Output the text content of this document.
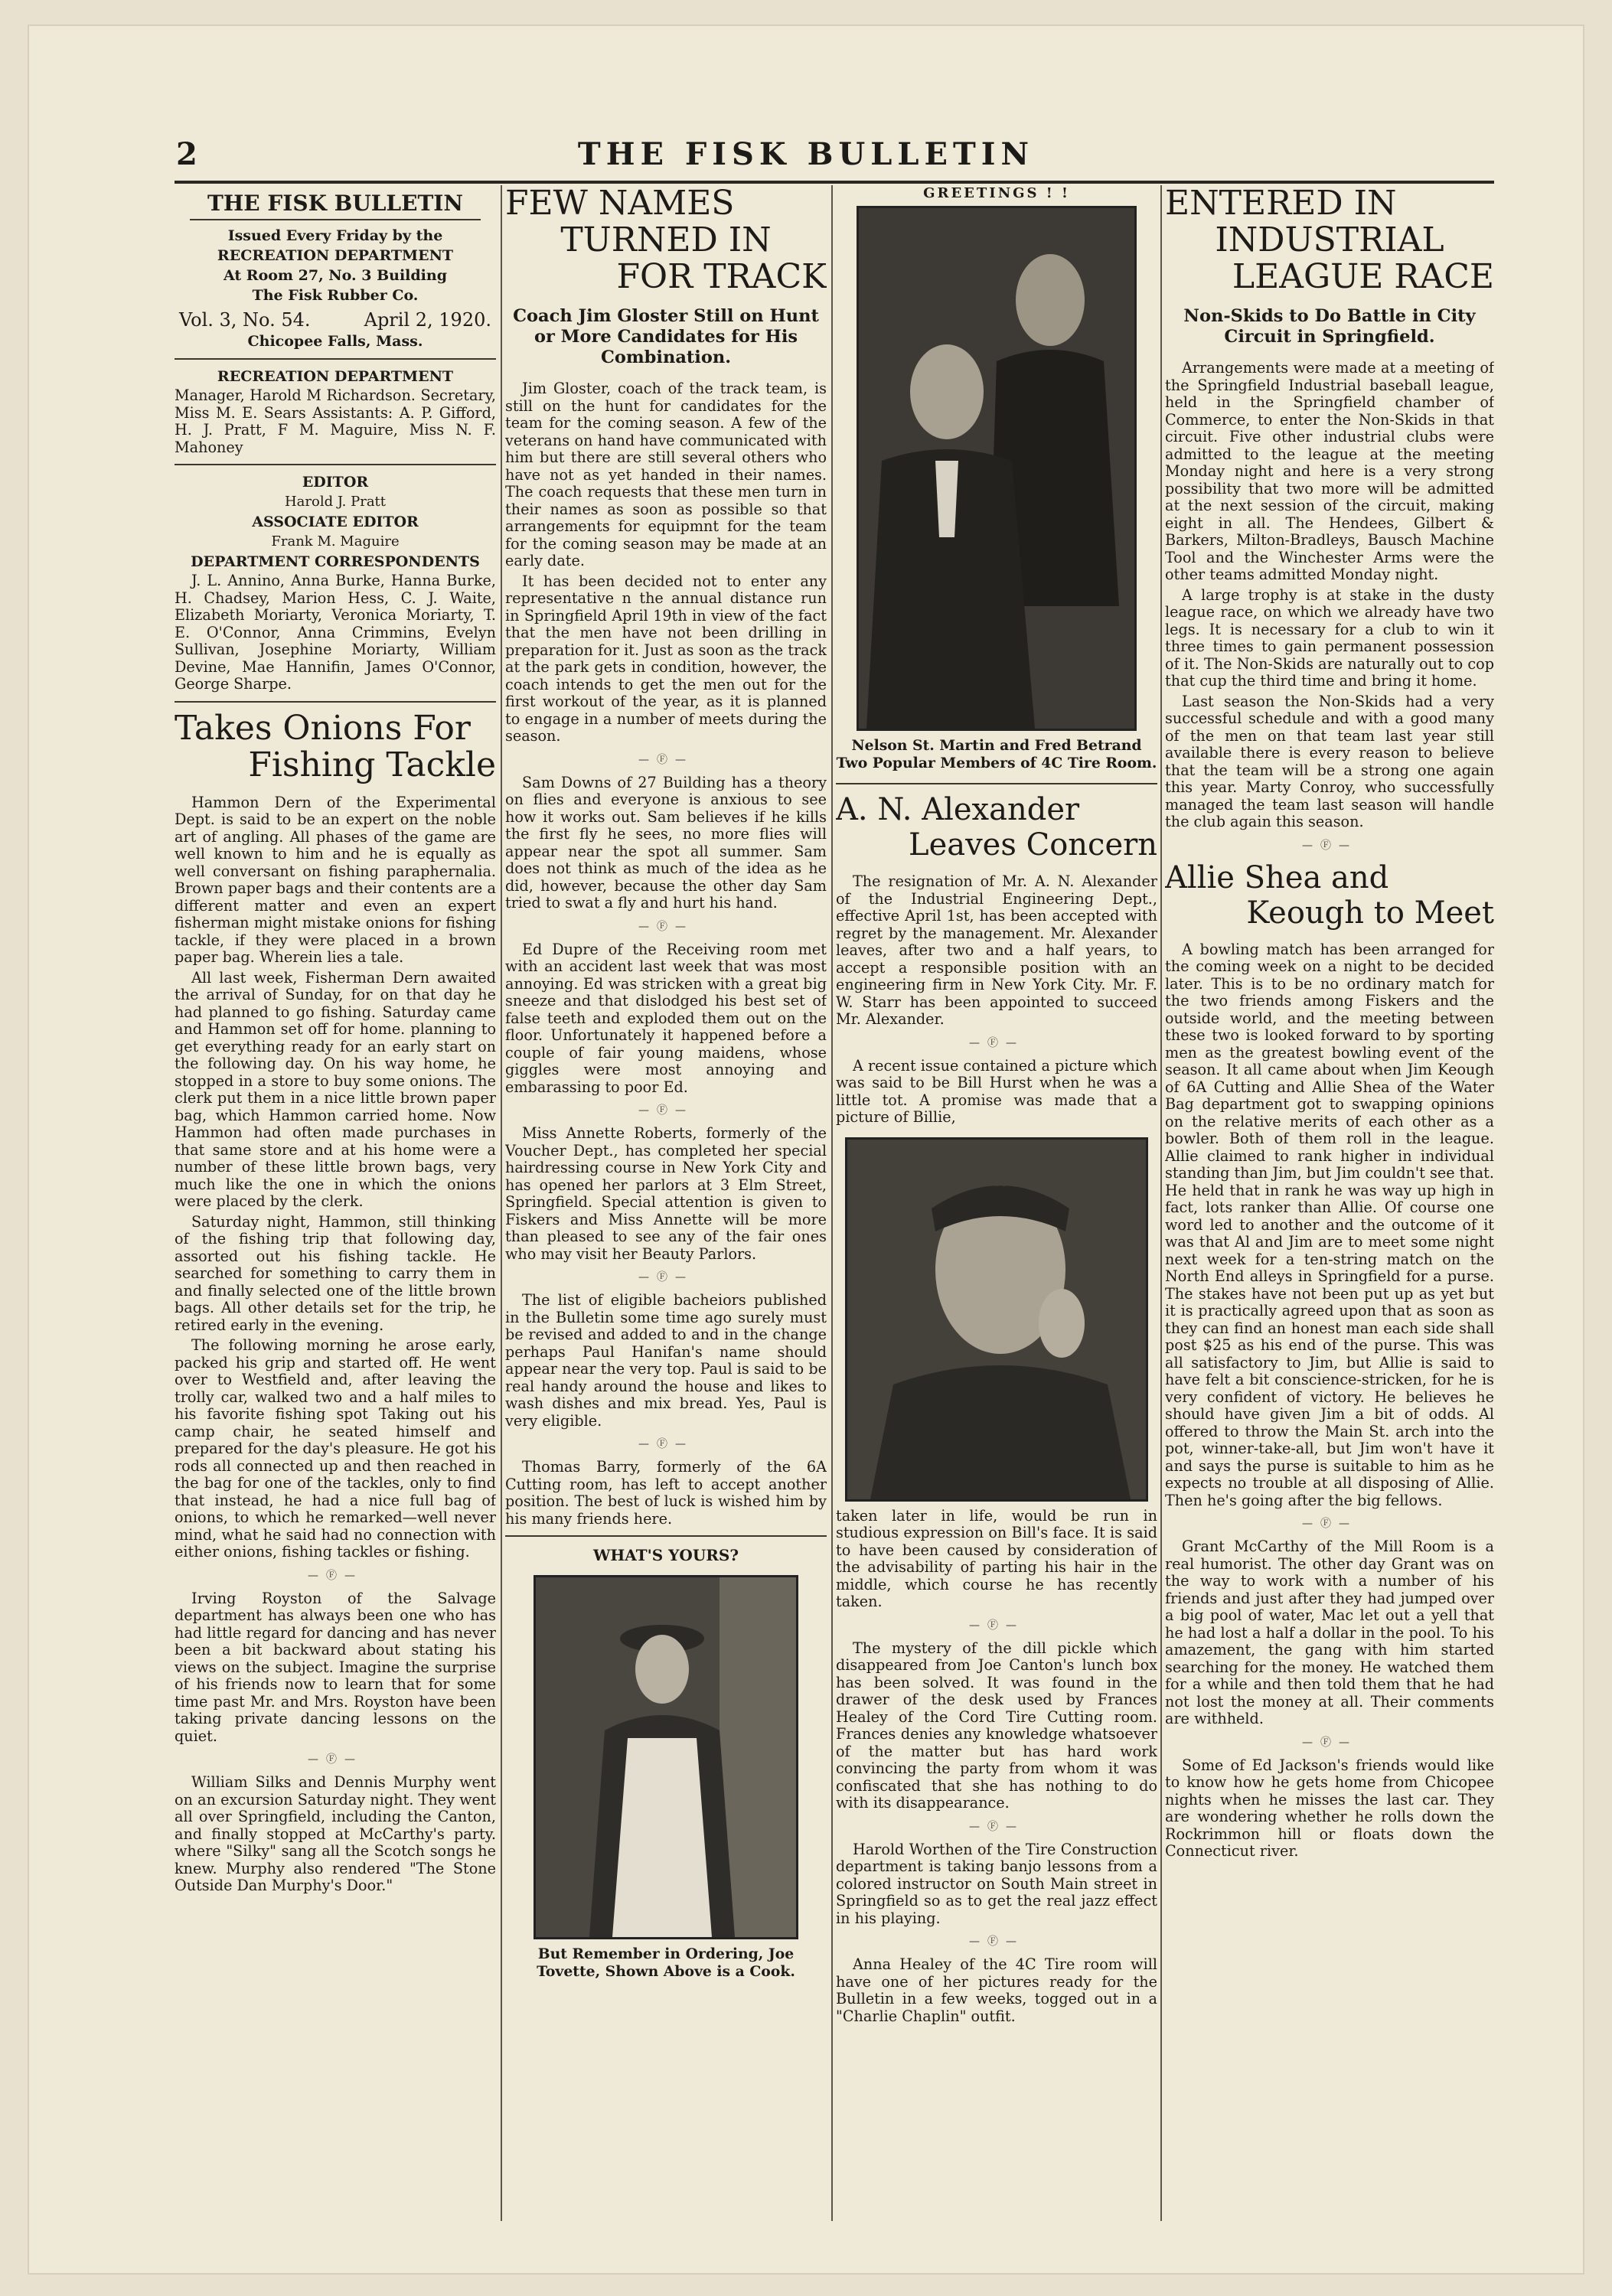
2	THE FISK BULLETIN
THE FISK BULLETIN
Issued Every Friday by the
RECREATION DEPARTMENT
At Room 27, No. 3 Building
The Fisk Rubber Co.
Vol. 3, No. 54.	April 2, 1920.
Chicopee Falls, Mass.
RECREATION DEPARTMENT

Manager, Harold M Richardson. Secretary, Miss M. E. Sears Assistants: A. P. Gifford, H. J. Pratt, F M. Maguire, Miss N. F. Mahoney

EDITOR
Harold J. Pratt
ASSOCIATE EDITOR
Frank M. Maguire
DEPARTMENT CORRESPONDENTS

J. L. Annino, Anna Burke, Hanna Burke, H. Chadsey, Marion Hess, C. J. Waite, Elizabeth Moriarty, Veronica Moriarty, T. E. O'Connor, Anna Crimmins, Evelyn Sullivan, Josephine Moriarty, William Devine, Mae Hannifin, James O'Connor, George Sharpe.

Takes Onions For
Fishing Tackle

Hammon Dern of the Experimental Dept. is said to be an expert on the noble art of angling. All phases of the game are well known to him and he is equally as well conversant on fishing paraphernalia. Brown paper bags and their contents are a different matter and even an expert fisherman might mistake onions for fishing tackle, if they were placed in a brown paper bag. Wherein lies a tale.

All last week, Fisherman Dern awaited the arrival of Sunday, for on that day he had planned to go fishing. Saturday came and Hammon set off for home. planning to get everything ready for an early start on the following day. On his way home, he stopped in a store to buy some onions. The clerk put them in a nice little brown paper bag, which Hammon carried home. Now Hammon had often made purchases in that same store and at his home were a number of these little brown bags, very much like the one in which the onions were placed by the clerk.

Saturday night, Hammon, still thinking of the fishing trip that following day, assorted out his fishing tackle. He searched for something to carry them in and finally selected one of the little brown bags. All other details set for the trip, he retired early in the evening.

The following morning he arose early, packed his grip and started off. He went over to Westfield and, after leaving the trolly car, walked two and a half miles to his favorite fishing spot Taking out his camp chair, he seated himself and prepared for the day's pleasure. He got his rods all connected up and then reached in the bag for one of the tackles, only to find that instead, he had a nice full bag of onions, to which he remarked—well never mind, what he said had no connection with either onions, fishing tackles or fishing.

—Ⓕ—

Irving Royston of the Salvage department has always been one who has had little regard for dancing and has never been a bit backward about stating his views on the subject. Imagine the surprise of his friends now to learn that for some time past Mr. and Mrs. Royston have been taking private dancing lessons on the quiet.

—Ⓕ—

William Silks and Dennis Murphy went on an excursion Saturday night. They went all over Springfield, including the Canton, and finally stopped at McCarthy's party. where "Silky" sang all the Scotch songs he knew. Murphy also rendered "The Stone Outside Dan Murphy's Door."

FEW NAMES
TURNED IN
FOR TRACK
Coach Jim Gloster Still on Hunt or More Candidates for His Combination.

Jim Gloster, coach of the track team, is still on the hunt for candidates for the team for the coming season. A few of the veterans on hand have communicated with him but there are still several others who have not as yet handed in their names. The coach requests that these men turn in their names as soon as possible so that arrangements for equipmnt for the team for the coming season may be made at an early date.

It has been decided not to enter any representative n the annual distance run in Springfield April 19th in view of the fact that the men have not been drilling in preparation for it. Just as soon as the track at the park gets in condition, however, the coach intends to get the men out for the first workout of the year, as it is planned to engage in a number of meets during the season.

—Ⓕ—

Sam Downs of 27 Building has a theory on flies and everyone is anxious to see how it works out. Sam believes if he kills the first fly he sees, no more flies will appear near the spot all summer. Sam does not think as much of the idea as he did, however, because the other day Sam tried to swat a fly and hurt his hand.

—Ⓕ—

Ed Dupre of the Receiving room met with an accident last week that was most annoying. Ed was stricken with a great big sneeze and that dislodged his best set of false teeth and exploded them out on the floor. Unfortunately it happened before a couple of fair young maidens, whose giggles were most annoying and embarassing to poor Ed.

—Ⓕ—

Miss Annette Roberts, formerly of the Voucher Dept., has completed her special hairdressing course in New York City and has opened her parlors at 3 Elm Street, Springfield. Special attention is given to Fiskers and Miss Annette will be more than pleased to see any of the fair ones who may visit her Beauty Parlors.

—Ⓕ—

The list of eligible bacheiors published in the Bulletin some time ago surely must be revised and added to and in the change perhaps Paul Hanifan's name should appear near the very top. Paul is said to be real handy around the house and likes to wash dishes and mix bread. Yes, Paul is very eligible.

—Ⓕ—

Thomas Barry, formerly of the 6A Cutting room, has left to accept another position. The best of luck is wished him by his many friends here.

WHAT'S YOURS?
But Remember in Ordering, Joe Tovette, Shown Above is a Cook.
GREETINGS ! !
Nelson St. Martin and Fred Betrand Two Popular Members of 4C Tire Room.
A. N. Alexander
Leaves Concern

The resignation of Mr. A. N. Alexander of the Industrial Engineering Dept., effective April 1st, has been accepted with regret by the management. Mr. Alexander leaves, after two and a half years, to accept a responsible position with an engineering firm in New York City. Mr. F. W. Starr has been appointed to succeed Mr. Alexander.

—Ⓕ—

A recent issue contained a picture which was said to be Bill Hurst when he was a little tot. A promise was made that a picture of Billie,

taken later in life, would be run in studious expression on Bill's face. It is said to have been caused by consideration of the advisability of parting his hair in the middle, which course he has recently taken.

—Ⓕ—

The mystery of the dill pickle which disappeared from Joe Canton's lunch box has been solved. It was found in the drawer of the desk used by Frances Healey of the Cord Tire Cutting room. Frances denies any knowledge whatsoever of the matter but has hard work convincing the party from whom it was confiscated that she has nothing to do with its disappearance.

—Ⓕ—

Harold Worthen of the Tire Construction department is taking banjo lessons from a colored instructor on South Main street in Springfield so as to get the real jazz effect in his playing.

—Ⓕ—

Anna Healey of the 4C Tire room will have one of her pictures ready for the Bulletin in a few weeks, togged out in a "Charlie Chaplin" outfit.

ENTERED IN
INDUSTRIAL
LEAGUE RACE
Non-Skids to Do Battle in City Circuit in Springfield.

Arrangements were made at a meeting of the Springfield Industrial baseball league, held in the Springfield chamber of Commerce, to enter the Non-Skids in that circuit. Five other industrial clubs were admitted to the league at the meeting Monday night and here is a very strong possibility that two more will be admitted at the next session of the circuit, making eight in all. The Hendees, Gilbert & Barkers, Milton-Bradleys, Bausch Machine Tool and the Winchester Arms were the other teams admitted Monday night.

A large trophy is at stake in the dusty league race, on which we already have two legs. It is necessary for a club to win it three times to gain permanent possession of it. The Non-Skids are naturally out to cop that cup the third time and bring it home.

Last season the Non-Skids had a very successful schedule and with a good many of the men on that team last year still available there is every reason to believe that the team will be a strong one again this year. Marty Conroy, who successfully managed the team last season will handle the club again this season.

—Ⓕ—
Allie Shea and
Keough to Meet

A bowling match has been arranged for the coming week on a night to be decided later. This is to be no ordinary match for the two friends among Fiskers and the outside world, and the meeting between these two is looked forward to by sporting men as the greatest bowling event of the season. It all came about when Jim Keough of 6A Cutting and Allie Shea of the Water Bag department got to swapping opinions on the relative merits of each other as a bowler. Both of them roll in the league. Allie claimed to rank higher in individual standing than Jim, but Jim couldn't see that. He held that in rank he was way up high in fact, lots ranker than Allie. Of course one word led to another and the outcome of it was that Al and Jim are to meet some night next week for a ten-string match on the North End alleys in Springfield for a purse. The stakes have not been put up as yet but it is practically agreed upon that as soon as they can find an honest man each side shall post $25 as his end of the purse. This was all satisfactory to Jim, but Allie is said to have felt a bit conscience-stricken, for he is very confident of victory. He believes he should have given Jim a bit of odds. Al offered to throw the Main St. arch into the pot, winner-take-all, but Jim won't have it and says the purse is suitable to him as he expects no trouble at all disposing of Allie. Then he's going after the big fellows.

—Ⓕ—

Grant McCarthy of the Mill Room is a real humorist. The other day Grant was on the way to work with a number of his friends and just after they had jumped over a big pool of water, Mac let out a yell that he had lost a half a dollar in the pool. To his amazement, the gang with him started searching for the money. He watched them for a while and then told them that he had not lost the money at all. Their comments are withheld.

—Ⓕ—

Some of Ed Jackson's friends would like to know how he gets home from Chicopee nights when he misses the last car. They are wondering whether he rolls down the Rockrimmon hill or floats down the Connecticut river.
